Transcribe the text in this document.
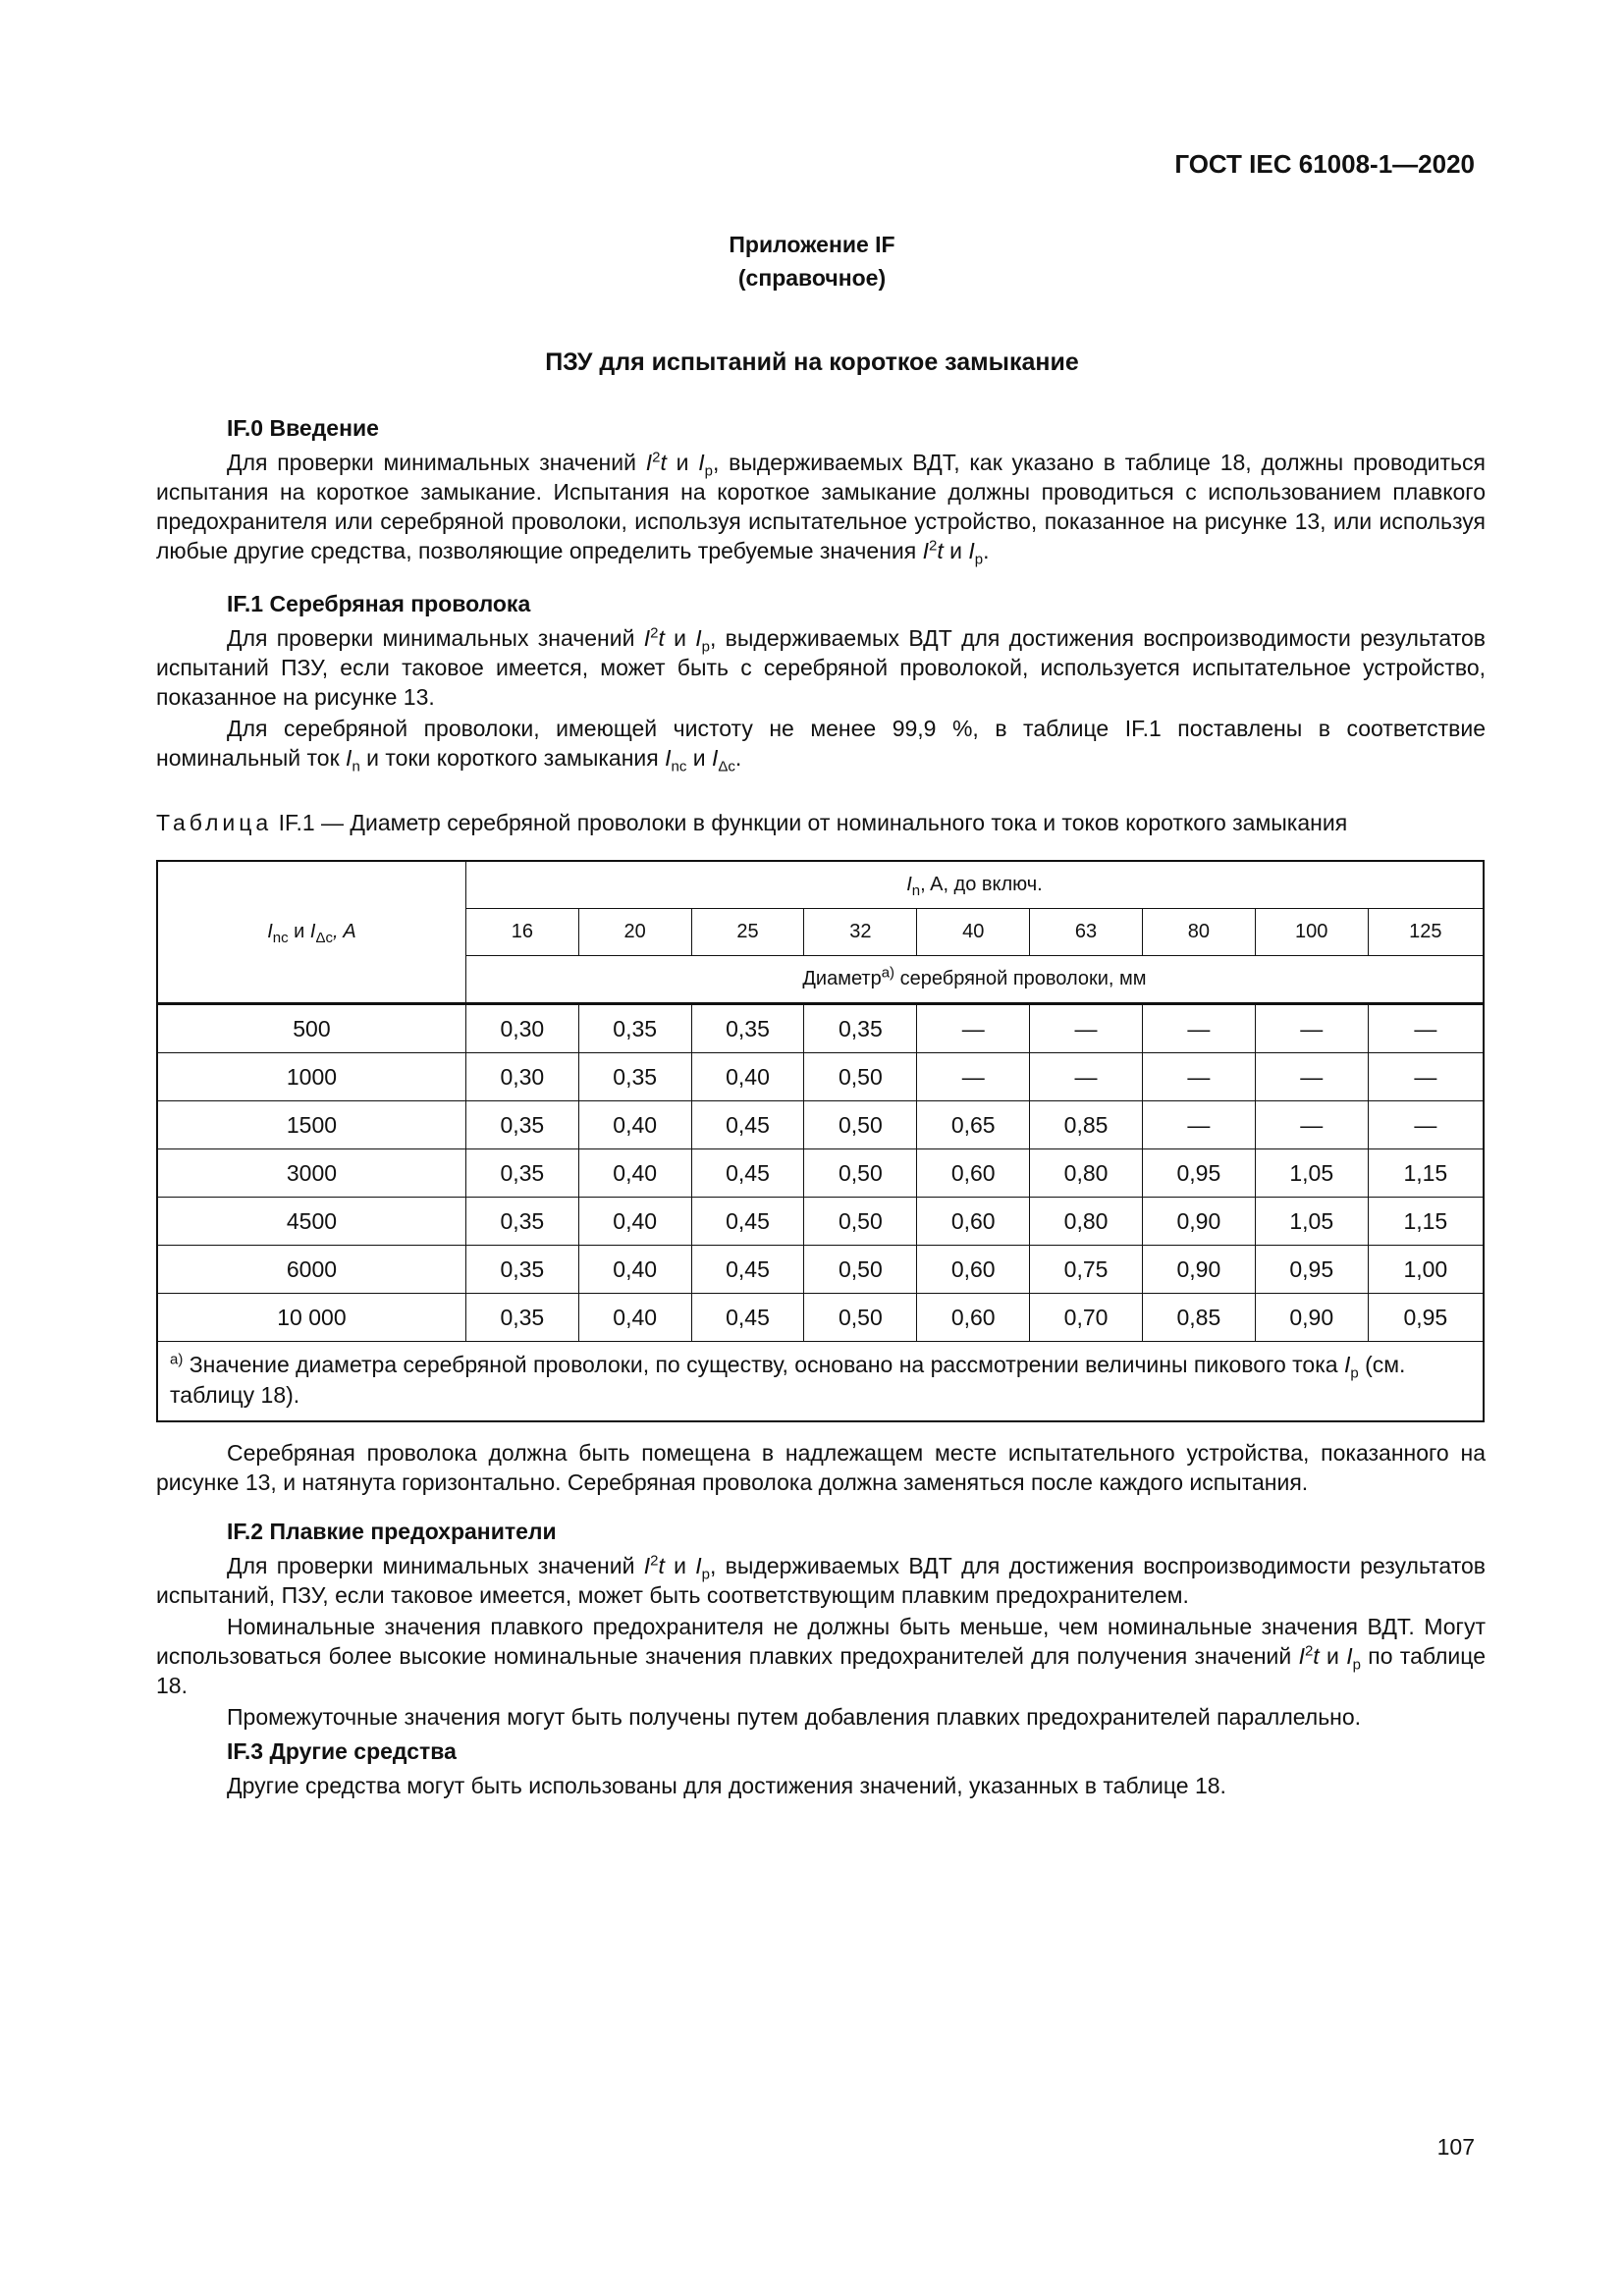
ГОСТ IEC 61008-1—2020
Приложение IF
(справочное)
ПЗУ для испытаний на короткое замыкание

IF.0 Введение

Для проверки минимальных значений $I^2t$ и $I_p$, выдерживаемых ВДТ, как указано в таблице 18, должны проводиться испытания на короткое замыкание. Испытания на короткое замыкание должны проводиться с использованием плавкого предохранителя или серебряной проволоки, используя испытательное устройство, показанное на рисунке 13, или используя любые другие средства, позволяющие определить требуемые значения $I^2t$ и $I_p$.

IF.1 Серебряная проволока

Для проверки минимальных значений $I^2t$ и $I_p$, выдерживаемых ВДТ для достижения воспроизводимости результатов испытаний ПЗУ, если таковое имеется, может быть с серебряной проволокой, используется испытательное устройство, показанное на рисунке 13.

Для серебряной проволоки, имеющей чистоту не менее 99,9 %, в таблице IF.1 поставлены в соответствие номинальный ток $I_n$ и токи короткого замыкания $I_{nc}$ и $I_{\Delta c}$.

Таблица IF.1 — Диаметр серебряной проволоки в функции от номинального тока и токов короткого замыкания
$I_{nc}$ и $I_{\Delta c}$, A	$I_n$, A, до включ.								
	16	20	25	32	40	63	80	100	125
	Диаметр$^{a)}$ серебряной проволоки, мм								
500	0,30	0,35	0,35	0,35	—	—	—	—	—
1000	0,30	0,35	0,40	0,50	—	—	—	—	—
1500	0,35	0,40	0,45	0,50	0,65	0,85	—	—	—
3000	0,35	0,40	0,45	0,50	0,60	0,80	0,95	1,05	1,15
4500	0,35	0,40	0,45	0,50	0,60	0,80	0,90	1,05	1,15
6000	0,35	0,40	0,45	0,50	0,60	0,75	0,90	0,95	1,00
10 000	0,35	0,40	0,45	0,50	0,60	0,70	0,85	0,90	0,95
$^{a)}$ Значение диаметра серебряной проволоки, по существу, основано на рассмотрении величины пикового тока $I_p$ (см. таблицу 18).									

Серебряная проволока должна быть помещена в надлежащем месте испытательного устройства, показанного на рисунке 13, и натянута горизонтально. Серебряная проволока должна заменяться после каждого испытания.

IF.2 Плавкие предохранители

Для проверки минимальных значений $I^2t$ и $I_p$, выдерживаемых ВДТ для достижения воспроизводимости результатов испытаний, ПЗУ, если таковое имеется, может быть соответствующим плавким предохранителем.

Номинальные значения плавкого предохранителя не должны быть меньше, чем номинальные значения ВДТ. Могут использоваться более высокие номинальные значения плавких предохранителей для получения значений $I^2t$ и $I_p$ по таблице 18.

Промежуточные значения могут быть получены путем добавления плавких предохранителей параллельно.

IF.3 Другие средства

Другие средства могут быть использованы для достижения значений, указанных в таблице 18.

107
